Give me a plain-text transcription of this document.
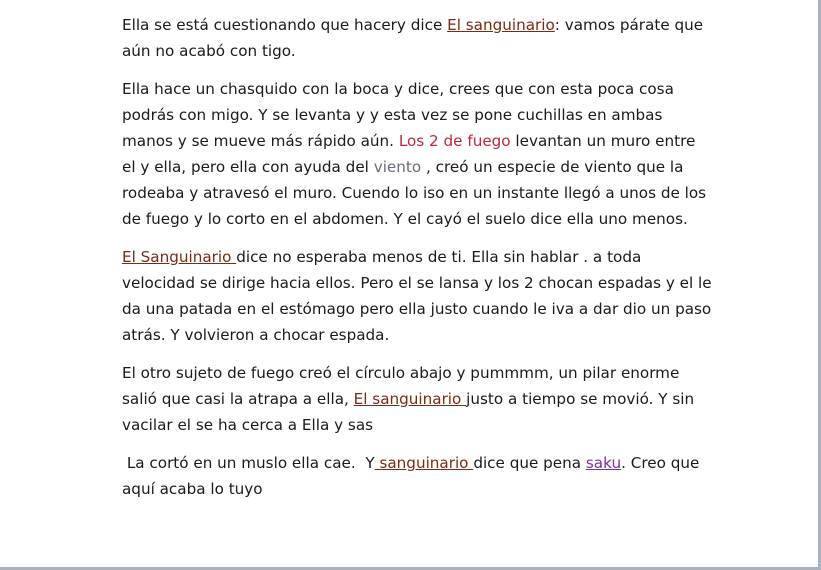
Ella se está cuestionando que hacery dice El sanguinario: vamos párate que aún no acabó con tigo.

Ella hace un chasquido con la boca y dice, crees que con esta poca cosa podrás con migo. Y se levanta y y esta vez se pone cuchillas en ambas manos y se mueve más rápido aún. Los 2 de fuego levantan un muro entre el y ella, pero ella con ayuda del viento , creó un especie de viento que la rodeaba y atravesó el muro. Cuendo lo iso en un instante llegó a unos de los de fuego y lo corto en el abdomen. Y el cayó el suelo dice ella uno menos.

El Sanguinario dice no esperaba menos de ti. Ella sin hablar . a toda velocidad se dirige hacia ellos. Pero el se lansa y los 2 chocan espadas y el le da una patada en el estómago pero ella justo cuando le iva a dar dio un paso atrás. Y volvieron a chocar espada.

El otro sujeto de fuego creó el círculo abajo y pummmm, un pilar enorme salió que casi la atrapa a ella, El sanguinario justo a tiempo se movió. Y sin vacilar el se ha cerca a Ella y sas

La cortó en un muslo ella cae.  Y sanguinario dice que pena saku. Creo que aquí acaba lo tuyo
